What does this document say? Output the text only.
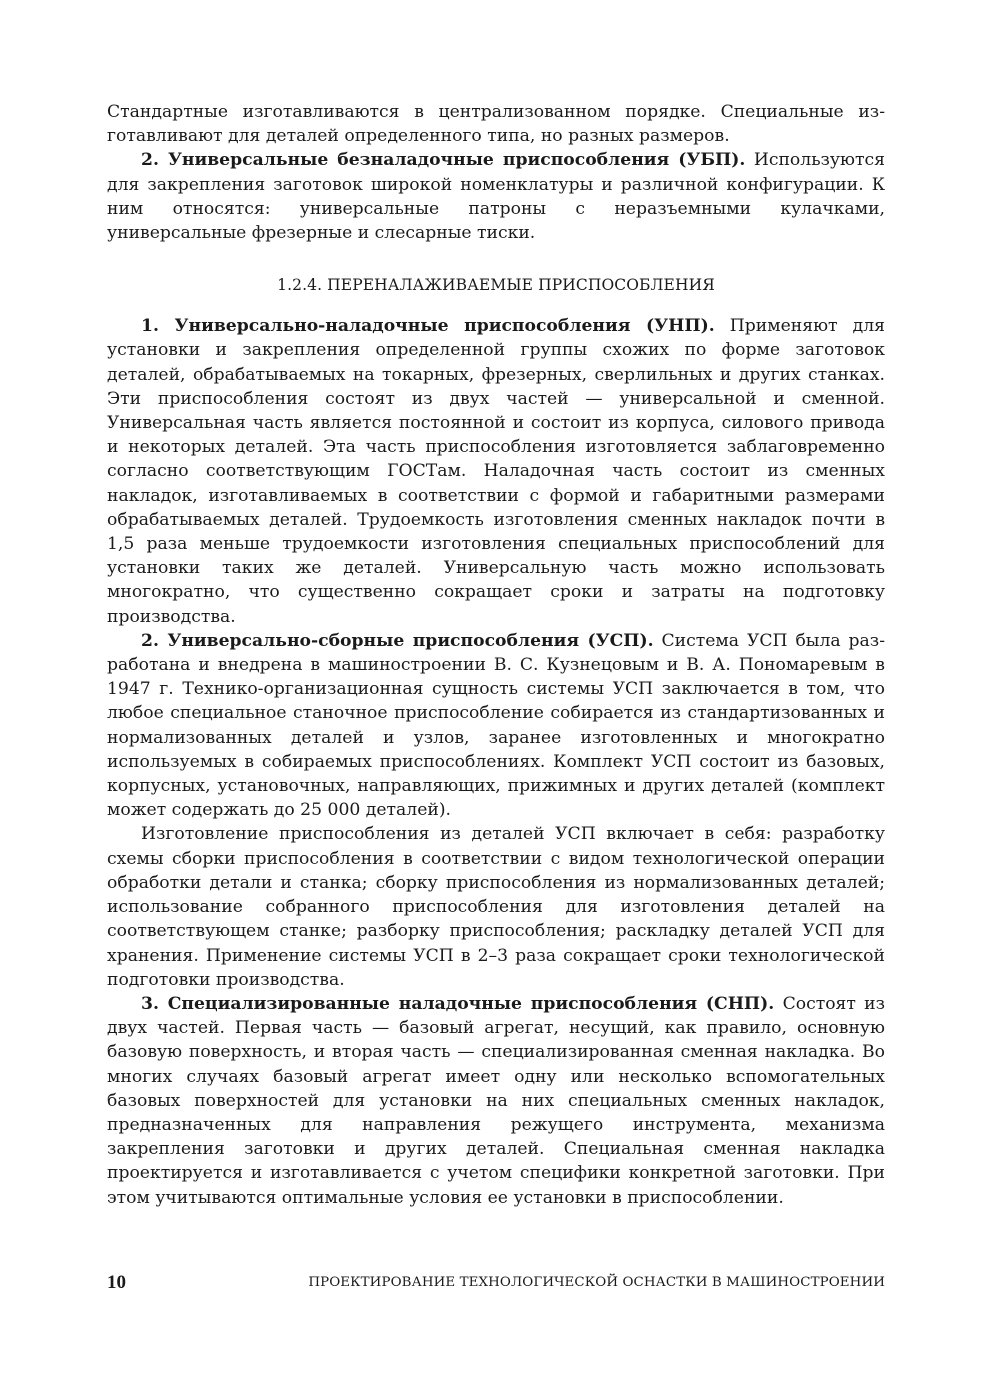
Стандартные изготавливаются в централизованном порядке. Специальные изготавливают для деталей определенного типа, но разных размеров.

2. Универсальные безналадочные приспособления (УБП). Используются для закрепления заготовок широкой номенклатуры и различной конфигурации. К ним относятся: универсальные патроны с неразъемными кулачками, универсальные фрезерные и слесарные тиски.

1.2.4. ПЕРЕНАЛАЖИВАЕМЫЕ ПРИСПОСОБЛЕНИЯ

1. Универсально-наладочные приспособления (УНП). Применяют для установки и закрепления определенной группы схожих по форме заготовок деталей, обрабатываемых на токарных, фрезерных, сверлильных и других станках. Эти приспособления состоят из двух частей — универсальной и сменной. Универсальная часть является постоянной и состоит из корпуса, силового привода и некоторых деталей. Эта часть приспособления изготовляется заблаговременно согласно соответствующим ГОСТам. Наладочная часть состоит из сменных накладок, изготавливаемых в соответствии с формой и габаритными размерами обрабатываемых деталей. Трудоемкость изготовления сменных накладок почти в 1,5 раза меньше трудоемкости изготовления специальных приспособлений для установки таких же деталей. Универсальную часть можно использовать многократно, что существенно сокращает сроки и затраты на подготовку производства.

2. Универсально-сборные приспособления (УСП). Система УСП была разработана и внедрена в машиностроении В. С. Кузнецовым и В. А. Пономаревым в 1947 г. Технико-организационная сущность системы УСП заключается в том, что любое специальное станочное приспособление собирается из стандартизованных и нормализованных деталей и узлов, заранее изготовленных и многократно используемых в собираемых приспособлениях. Комплект УСП состоит из базовых, корпусных, установочных, направляющих, прижимных и других деталей (комплект может содержать до 25 000 деталей).

Изготовление приспособления из деталей УСП включает в себя: разработку схемы сборки приспособления в соответствии с видом технологической операции обработки детали и станка; сборку приспособления из нормализованных деталей; использование собранного приспособления для изготовления деталей на соответствующем станке; разборку приспособления; раскладку деталей УСП для хранения. Применение системы УСП в 2–3 раза сокращает сроки технологической подготовки производства.

3. Специализированные наладочные приспособления (СНП). Состоят из двух частей. Первая часть — базовый агрегат, несущий, как правило, основную базовую поверхность, и вторая часть — специализированная сменная накладка. Во многих случаях базовый агрегат имеет одну или несколько вспомогательных базовых поверхностей для установки на них специальных сменных накладок, предназначенных для направления режущего инструмента, механизма закрепления заготовки и других деталей. Специальная сменная накладка проектируется и изготавливается с учетом специфики конкретной заготовки. При этом учитываются оптимальные условия ее установки в приспособлении.

10	ПРОЕКТИРОВАНИЕ ТЕХНОЛОГИЧЕСКОЙ ОСНАСТКИ В МАШИНОСТРОЕНИИ
